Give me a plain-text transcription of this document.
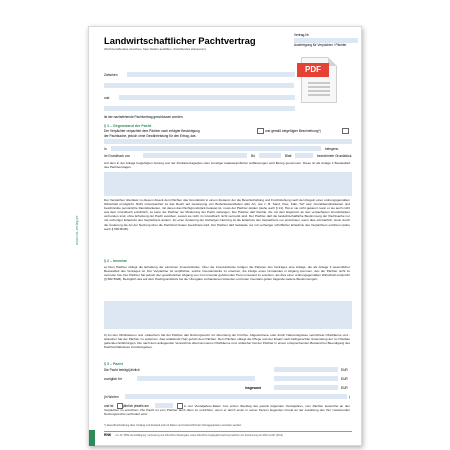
www.rnk-verlag.de
Landwirtschaftlicher Pachtvertrag
(Nichtzutreffendes streichen, freie Stellen ausfüllen, Zutreffendes ankreuzen)
Vertrag-Nr.
Ausfertigung für Verpächter / Pächter
PDF
Zwischen
und
ist der nachstehende Pachtvertrag geschlossen worden.
§ 1 – Gegenstand der Pacht
Der Verpächter verpachtet dem Pächter nach erfolgter Besichtigung	und gemäß beigefügter Beschreibung*)
der Pachtsache, jedoch ohne Gewährleistung für den Ertrag, das
in	belegene,
im Grundbuch von	Bd	Blatt	bezeichnete Grundstück.
Auf dem in der Anlage beigefügten Auszug aus der Flurkarte/Lageplan oder sonstiger katasteramtlicher Auffassungen wird Bezug genommen. Diese ist als Anlage 1 Bestandteil des Pachtvertrages.
Der Verpächter überlässt zu diesem Zweck dem Pächter das Grundstück in einem Zustand, der die Bewirtschaftung und Fruchtziehung nach den Regeln einer ordnungsgemäßen Wirtschaft ermöglicht. Nicht mitverpachtet ist das Recht auf Gewinnung von Bodenbestandteilen aller Art, wie z. B. Sand, Kies, Kalk, Torf usw. Grunddienstbarkeiten und beschränkte persönliche Dienstbarkeiten, mit denen das Pachtgrundstück belastet ist, muss der Pächter dulden (siehe auch § 14). Hat er sie nicht gekannt, kann er sie auch nicht aus dem Grundbuch ersichtlich, so kann der Pächter nur Minderung der Pacht verlangen. Der Pächter darf Rechte, die mit dem Eigentum an den verpachteten Grundstücken verbunden sind, ohne Erhebung der Pacht ausüben, soweit sie nicht im Grundbuch nicht vermerkt sind. Der Pächter darf die landwirtschaftliche Bestimmung der Pachtsache nur mit vorheriger Erlaubnis des Verpächters ändern. Zu einer Änderung der bisherigen Nutzung ist die Erlaubnis des Verpächters nur einzuholen, wenn dies erforderlich, wenn durch die Änderung die Art der Nutzung über die Pachtzeit hinaus beeinflusst wird. Der Pächter darf Gebäude nur mit vorheriger schriftlicher Erlaubnis des Verpächters errichten (siehe auch § 590 BGB).
§ 2 – Inventar
a) Dem Pächter obliegt die Erhaltung der einzelnen Inventarstücke. Über die Inventarstücke fertigen die Parteien des Vertrages eine Anlage, die als Anlage 2 wesentlicher Bestandteil des Vertrages ist. Der Verpächter ist verpflichtet, solche Inventarstücke zu ersetzen, die infolge eines Umstandes in Abgang kommen, den der Pächter nicht zu vertreten hat. Der Pächter hat jedoch den gewöhnlichen Abgang von zum Inventar gehörenden Tieren insoweit zu ersetzen, als dies einer ordnungsgemäßen Wirtschaft entspricht (§ 582 BGB). Bezüglich des auf dem Pachtgrundstück bei der Übergabe vorhandenen lebenden und toten Inventars gelten folgende weitere Bestimmungen:
b) An den Obstbäumen und -sträuchern hat der Pächter das Nutzungsrecht zur Aberntung der Früchte. Abgestorbene oder durch Naturereignisse vernichtete Obstbäume und -sträucher hat der Pächter zu entfernen. Das anfallende Holz gehört dem Pächter. Dem Pächter obliegt die Pflege und der Ersatz nach fachgerechter Anwendung der im Obstbau geltenden Erfahrungen. Die nach dem anliegenden Verzeichnis übernommenen Obstbäume und -sträucher hat der Pächter in einem entsprechenden Bestand bei Beendigung des Pachtverhältnisses zurückzugeben.
§ 3 – Pacht
Die Pacht beträgt jährlich	EUR
zuzüglich für	EUR
Insgesamt	EUR
(in Worten	)
und ist	jährlich jeweils am	in vier Vierteljahres-Raten zum ersten Werktag des jeweils folgenden Vierteljahres, vom Pächter kostenfrei an den Verpächter zu entrichten. Die Pacht ist vom Pächter auch dann zu entrichten, wenn er durch einen in seiner Person liegenden Grund an der Ausübung des ihm zustehenden Nutzungsrechts verhindert wird.
*) diese Beschreibung über Umfang und Zustand soll mit Datum und Unterschrift der Vertragsparteien versehen werden
RNK Art.-Nr. 555E Vervielfältigung, Verbreitung und öffentliche Wiedergabe sowie öffentliche Zugänglichmachung bedürfen der Zustimmung der RNK GmbH (2013)
